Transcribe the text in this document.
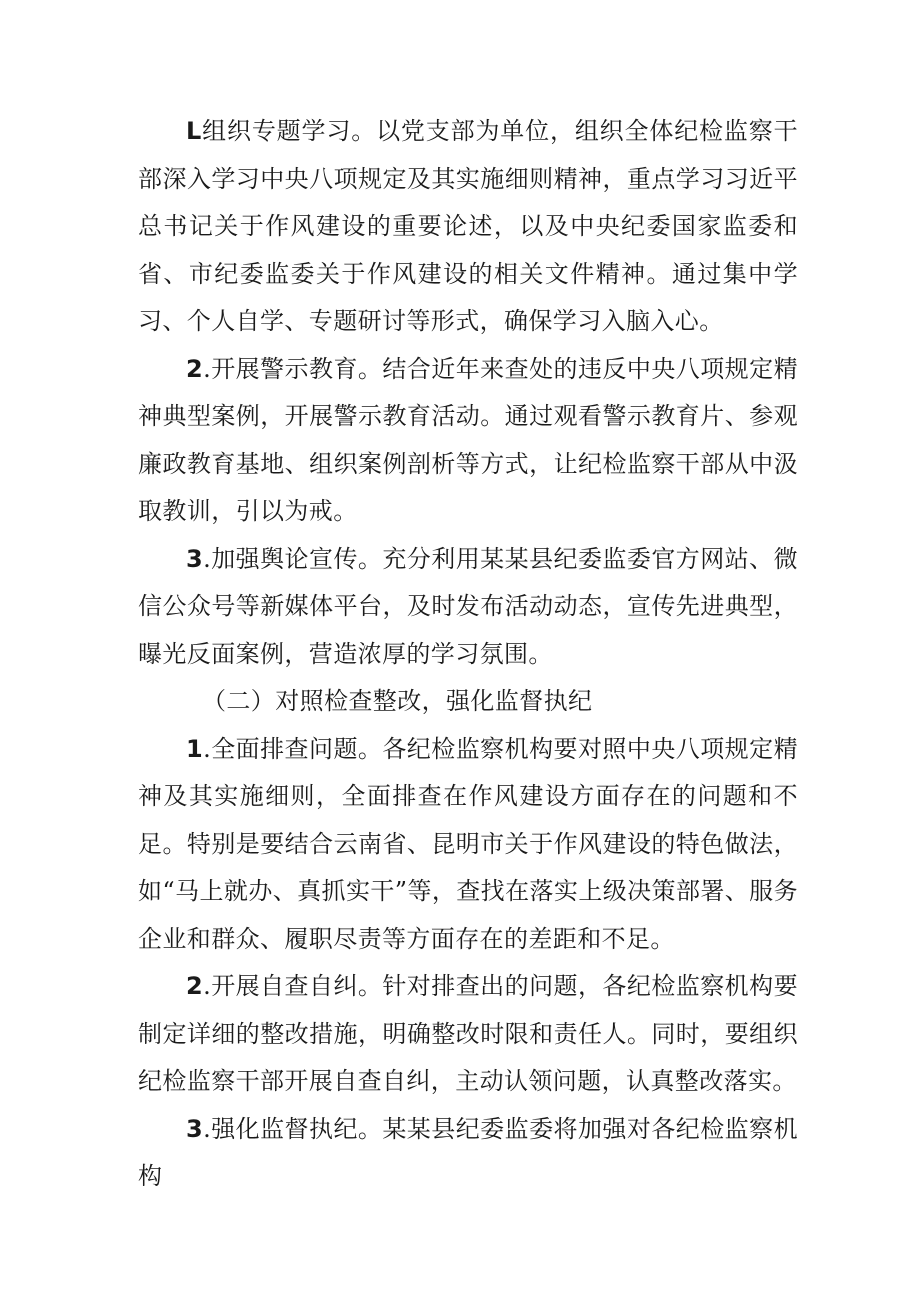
L组织专题学习。以党支部为单位，组织全体纪检监察干部深入学习中央八项规定及其实施细则精神，重点学习习近平总书记关于作风建设的重要论述，以及中央纪委国家监委和省、市纪委监委关于作风建设的相关文件精神。通过集中学习、个人自学、专题研讨等形式，确保学习入脑入心。

2.开展警示教育。结合近年来查处的违反中央八项规定精神典型案例，开展警示教育活动。通过观看警示教育片、参观廉政教育基地、组织案例剖析等方式，让纪检监察干部从中汲取教训，引以为戒。

3.加强舆论宣传。充分利用某某县纪委监委官方网站、微信公众号等新媒体平台，及时发布活动动态，宣传先进典型，曝光反面案例，营造浓厚的学习氛围。

（二）对照检查整改，强化监督执纪

1.全面排查问题。各纪检监察机构要对照中央八项规定精神及其实施细则，全面排查在作风建设方面存在的问题和不足。特别是要结合云南省、昆明市关于作风建设的特色做法，如“马上就办、真抓实干”等，查找在落实上级决策部署、服务企业和群众、履职尽责等方面存在的差距和不足。

2.开展自查自纠。针对排查出的问题，各纪检监察机构要制定详细的整改措施，明确整改时限和责任人。同时，要组织纪检监察干部开展自查自纠，主动认领问题，认真整改落实。

3.强化监督执纪。某某县纪委监委将加强对各纪检监察机构
